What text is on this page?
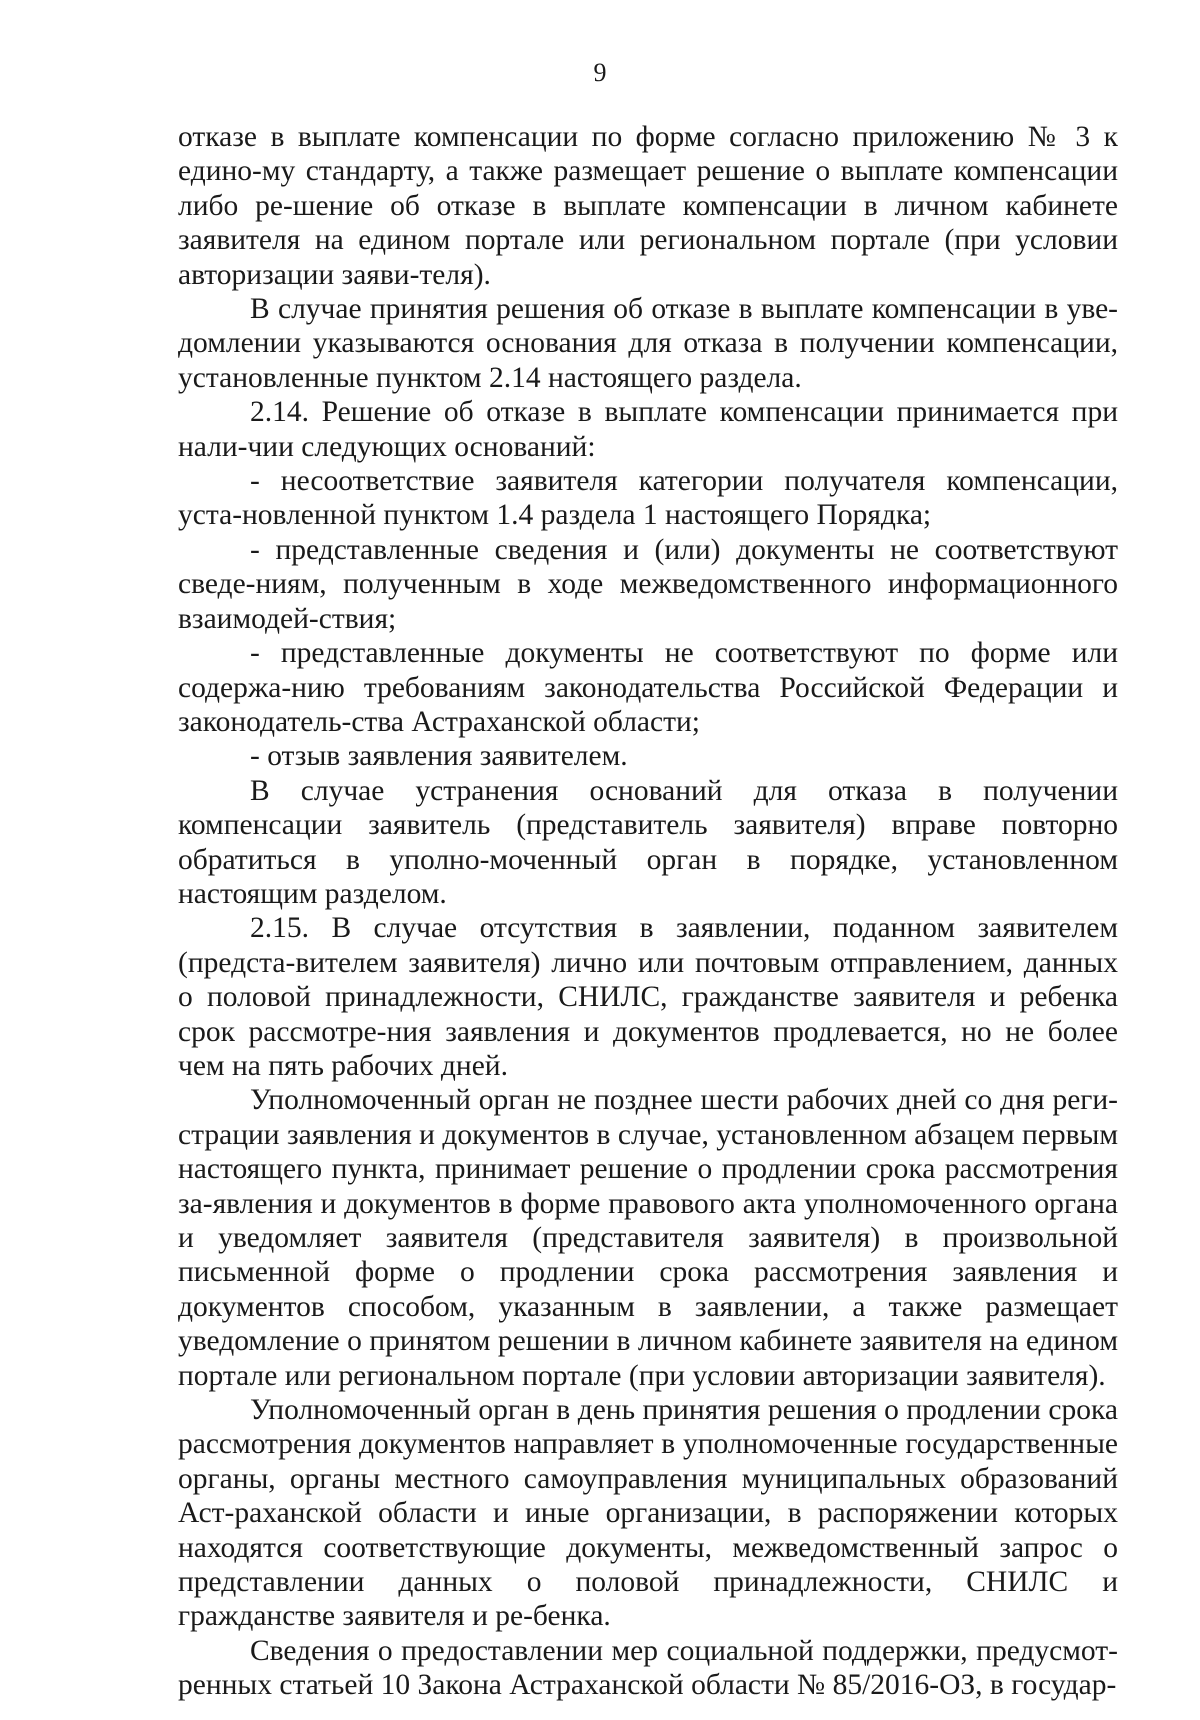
9

отказе в выплате компенсации по форме согласно приложению № 3 к едино-му стандарту, а также размещает решение о выплате компенсации либо ре-шение об отказе в выплате компенсации в личном кабинете заявителя на едином портале или региональном портале (при условии авторизации заяви-теля).

В случае принятия решения об отказе в выплате компенсации в уве-домлении указываются основания для отказа в получении компенсации, установленные пунктом 2.14 настоящего раздела.

2.14. Решение об отказе в выплате компенсации принимается при нали-чии следующих оснований:

- несоответствие заявителя категории получателя компенсации, уста-новленной пунктом 1.4 раздела 1 настоящего Порядка;

- представленные сведения и (или) документы не соответствуют сведе-ниям, полученным в ходе межведомственного информационного взаимодей-ствия;

- представленные документы не соответствуют по форме или содержа-нию требованиям законодательства Российской Федерации и законодатель-ства Астраханской области;

- отзыв заявления заявителем.

В случае устранения оснований для отказа в получении компенсации заявитель (представитель заявителя) вправе повторно обратиться в уполно-моченный орган в порядке, установленном настоящим разделом.

2.15. В случае отсутствия в заявлении, поданном заявителем (предста-вителем заявителя) лично или почтовым отправлением, данных о половой принадлежности, СНИЛС, гражданстве заявителя и ребенка срок рассмотре-ния заявления и документов продлевается, но не более чем на пять рабочих дней.

Уполномоченный орган не позднее шести рабочих дней со дня реги-страции заявления и документов в случае, установленном абзацем первым настоящего пункта, принимает решение о продлении срока рассмотрения за-явления и документов в форме правового акта уполномоченного органа и уведомляет заявителя (представителя заявителя) в произвольной письменной форме о продлении срока рассмотрения заявления и документов способом, указанным в заявлении, а также размещает уведомление о принятом решении в личном кабинете заявителя на едином портале или региональном портале (при условии авторизации заявителя).

Уполномоченный орган в день принятия решения о продлении срока рассмотрения документов направляет в уполномоченные государственные органы, органы местного самоуправления муниципальных образований Аст-раханской области и иные организации, в распоряжении которых находятся соответствующие документы, межведомственный запрос о представлении данных о половой принадлежности, СНИЛС и гражданстве заявителя и ре-бенка.

Сведения о предоставлении мер социальной поддержки, предусмот-ренных статьей 10 Закона Астраханской области № 85/2016-ОЗ, в государ-
